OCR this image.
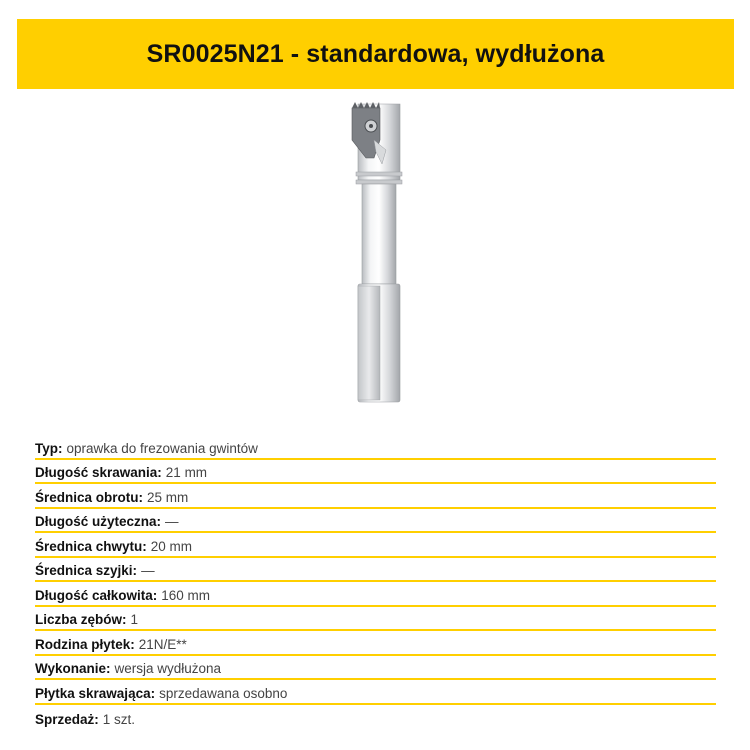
SR0025N21 - standardowa, wydłużona
Typ: oprawka do frezowania gwintów
Długość skrawania: 21 mm
Średnica obrotu: 25 mm
Długość użyteczna: —
Średnica chwytu: 20 mm
Średnica szyjki: —
Długość całkowita: 160 mm
Liczba zębów: 1
Rodzina płytek: 21N/E**
Wykonanie: wersja wydłużona
Płytka skrawająca: sprzedawana osobno
Sprzedaż: 1 szt.
